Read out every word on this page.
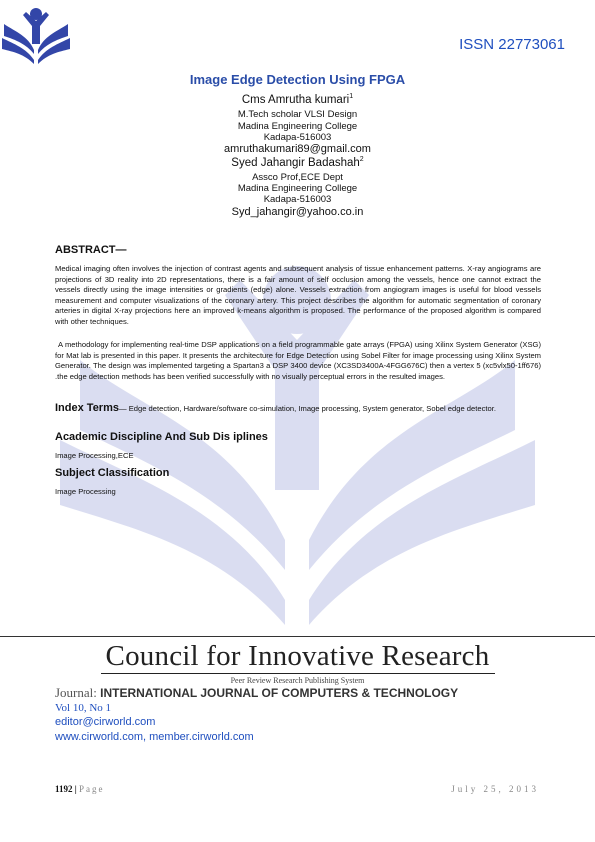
ISSN 22773061
Image Edge Detection Using FPGA
Cms Amrutha kumari$^1$
M.Tech scholar VLSI Design
Madina Engineering College
Kadapa-516003
amruthakumari89@gmail.com
Syed Jahangir Badashah$^2$
Assco Prof,ECE Dept
Madina Engineering College
Kadapa-516003
Syd_jahangir@yahoo.co.in
ABSTRACT—
Medical imaging often involves the injection of contrast agents and subsequent analysis of tissue enhancement patterns. X-ray angiograms are projections of 3D reality into 2D representations, there is a fair amount of self occlusion among the vessels, hence one cannot extract the vessels directly using the image intensities or gradients (edge) alone. Vessels extraction from angiogram images is useful for blood vessels measurement and computer visualizations of the coronary artery. This project describes the algorithm for automatic segmentation of coronary arteries in digital X-ray projections here an improved k-means algorithm is proposed. The performance of the proposed algorithm is compared with other techniques.
A methodology for implementing real-time DSP applications on a field programmable gate arrays (FPGA) using Xilinx System Generator (XSG) for Mat lab is presented in this paper. It presents the architecture for Edge Detection using Sobel Filter for image processing using Xilinx System Generator. The design was implemented targeting a Spartan3 a DSP 3400 device (XC3SD3400A-4FGG676C) then a vertex 5 (xc5vlx50-1ff676) .the edge detection methods has been verified successfully with no visually perceptual errors in the resulted images.
Index Terms— Edge detection, Hardware/software co-simulation, Image processing, System generator, Sobel edge detector.
Academic Discipline And Sub Dis iplines
Image Processing,ECE
Subject Classification
Image Processing
Council for Innovative Research
Peer Review Research Publishing System
Journal: INTERNATIONAL JOURNAL OF COMPUTERS & TECHNOLOGY
Vol 10, No 1
editor@cirworld.com
www.cirworld.com, member.cirworld.com
1192 | Page	July 25, 2013
